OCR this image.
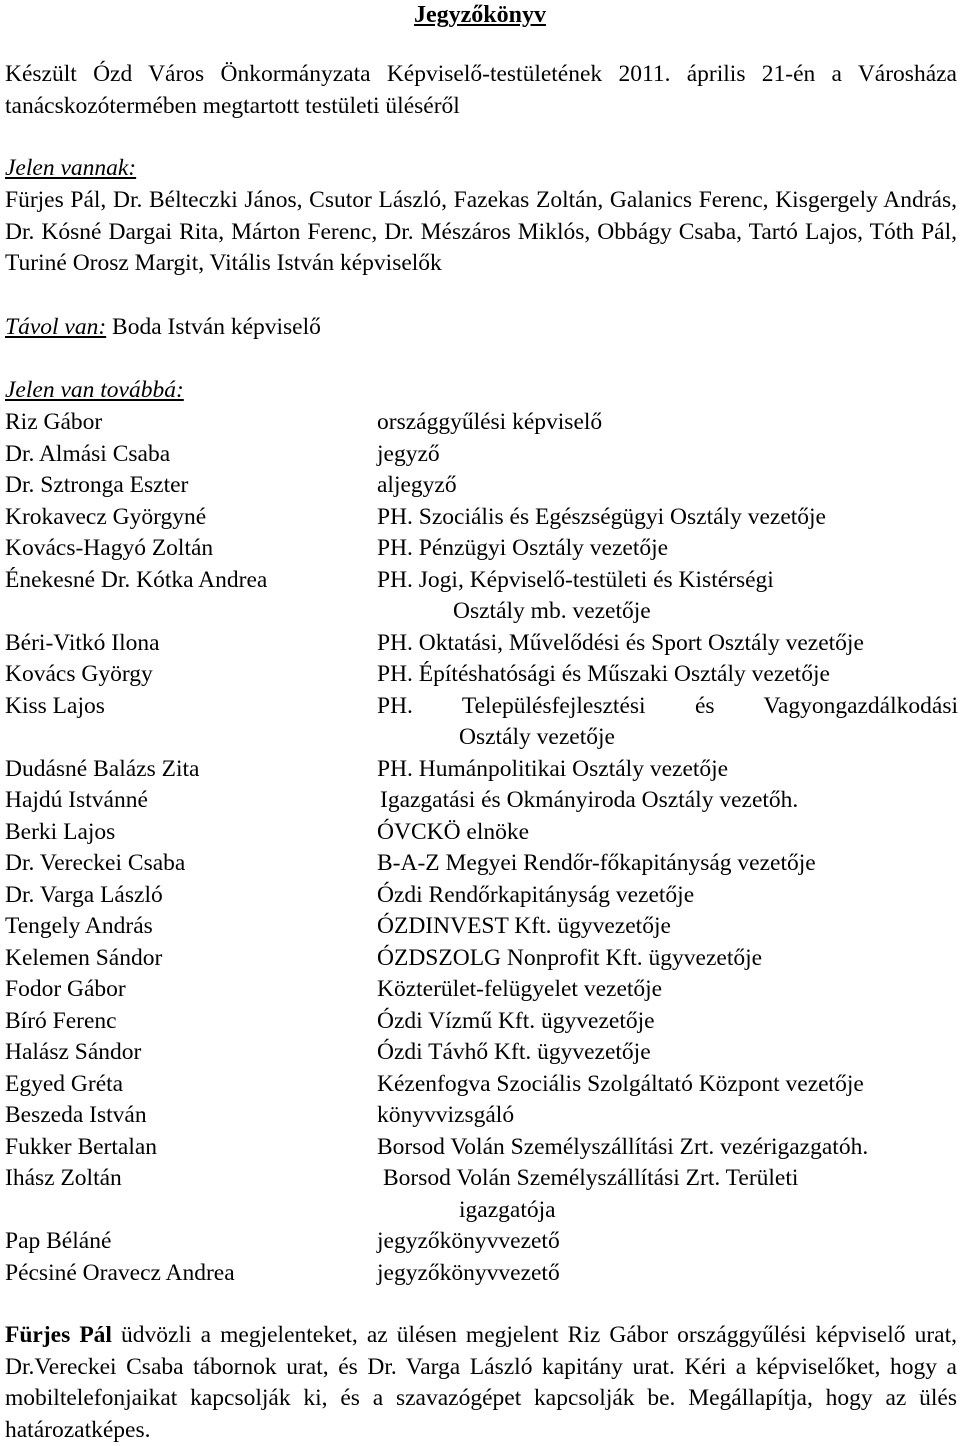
Jegyzőkönyv

Készült Ózd Város Önkormányzata Képviselő-testületének 2011. április 21-én a Városháza tanácskozótermében megtartott testületi üléséről

Jelen vannak:

Fürjes Pál, Dr. Bélteczki János, Csutor László, Fazekas Zoltán, Galanics Ferenc, Kisgergely András, Dr. Kósné Dargai Rita, Márton Ferenc, Dr. Mészáros Miklós, Obbágy Csaba, Tartó Lajos, Tóth Pál, Turiné Orosz Margit, Vitális István képviselők

Távol van: Boda István képviselő

Jelen van továbbá:
Riz Gábor	országgyűlési képviselő
Dr. Almási Csaba	jegyző
Dr. Sztronga Eszter	aljegyző
Krokavecz Györgyné	PH. Szociális és Egészségügyi Osztály vezetője
Kovács-Hagyó Zoltán	PH. Pénzügyi Osztály vezetője
Énekesné Dr. Kótka Andrea	PH. Jogi, Képviselő-testületi és Kistérségi
Osztály mb. vezetője
Béri-Vitkó Ilona	PH. Oktatási, Művelődési és Sport Osztály vezetője
Kovács György	PH. Építéshatósági és Műszaki Osztály vezetője
Kiss Lajos	PH. Településfejlesztési és Vagyongazdálkodási
Osztály vezetője
Dudásné Balázs Zita	PH. Humánpolitikai Osztály vezetője
Hajdú Istvánné	Igazgatási és Okmányiroda Osztály vezetőh.
Berki Lajos	ÓVCKÖ elnöke
Dr. Vereckei Csaba	B-A-Z Megyei Rendőr-főkapitányság vezetője
Dr. Varga László	Ózdi Rendőrkapitányság vezetője
Tengely András	ÓZDINVEST Kft. ügyvezetője
Kelemen Sándor	ÓZDSZOLG Nonprofit Kft. ügyvezetője
Fodor Gábor	Közterület-felügyelet vezetője
Bíró Ferenc	Ózdi Vízmű Kft. ügyvezetője
Halász Sándor	Ózdi Távhő Kft. ügyvezetője
Egyed Gréta	Kézenfogva Szociális Szolgáltató Központ vezetője
Beszeda István	könyvvizsgáló
Fukker Bertalan	Borsod Volán Személyszállítási Zrt. vezérigazgatóh.
Ihász Zoltán	Borsod Volán Személyszállítási Zrt. Területi
igazgatója
Pap Béláné	jegyzőkönyvvezető
Pécsiné Oravecz Andrea	jegyzőkönyvvezető

Fürjes Pál üdvözli a megjelenteket, az ülésen megjelent Riz Gábor országgyűlési képviselő urat, Dr.Vereckei Csaba tábornok urat, és Dr. Varga László kapitány urat. Kéri a képviselőket, hogy a mobiltelefonjaikat kapcsolják ki, és a szavazógépet kapcsolják be. Megállapítja, hogy az ülés határozatképes.
